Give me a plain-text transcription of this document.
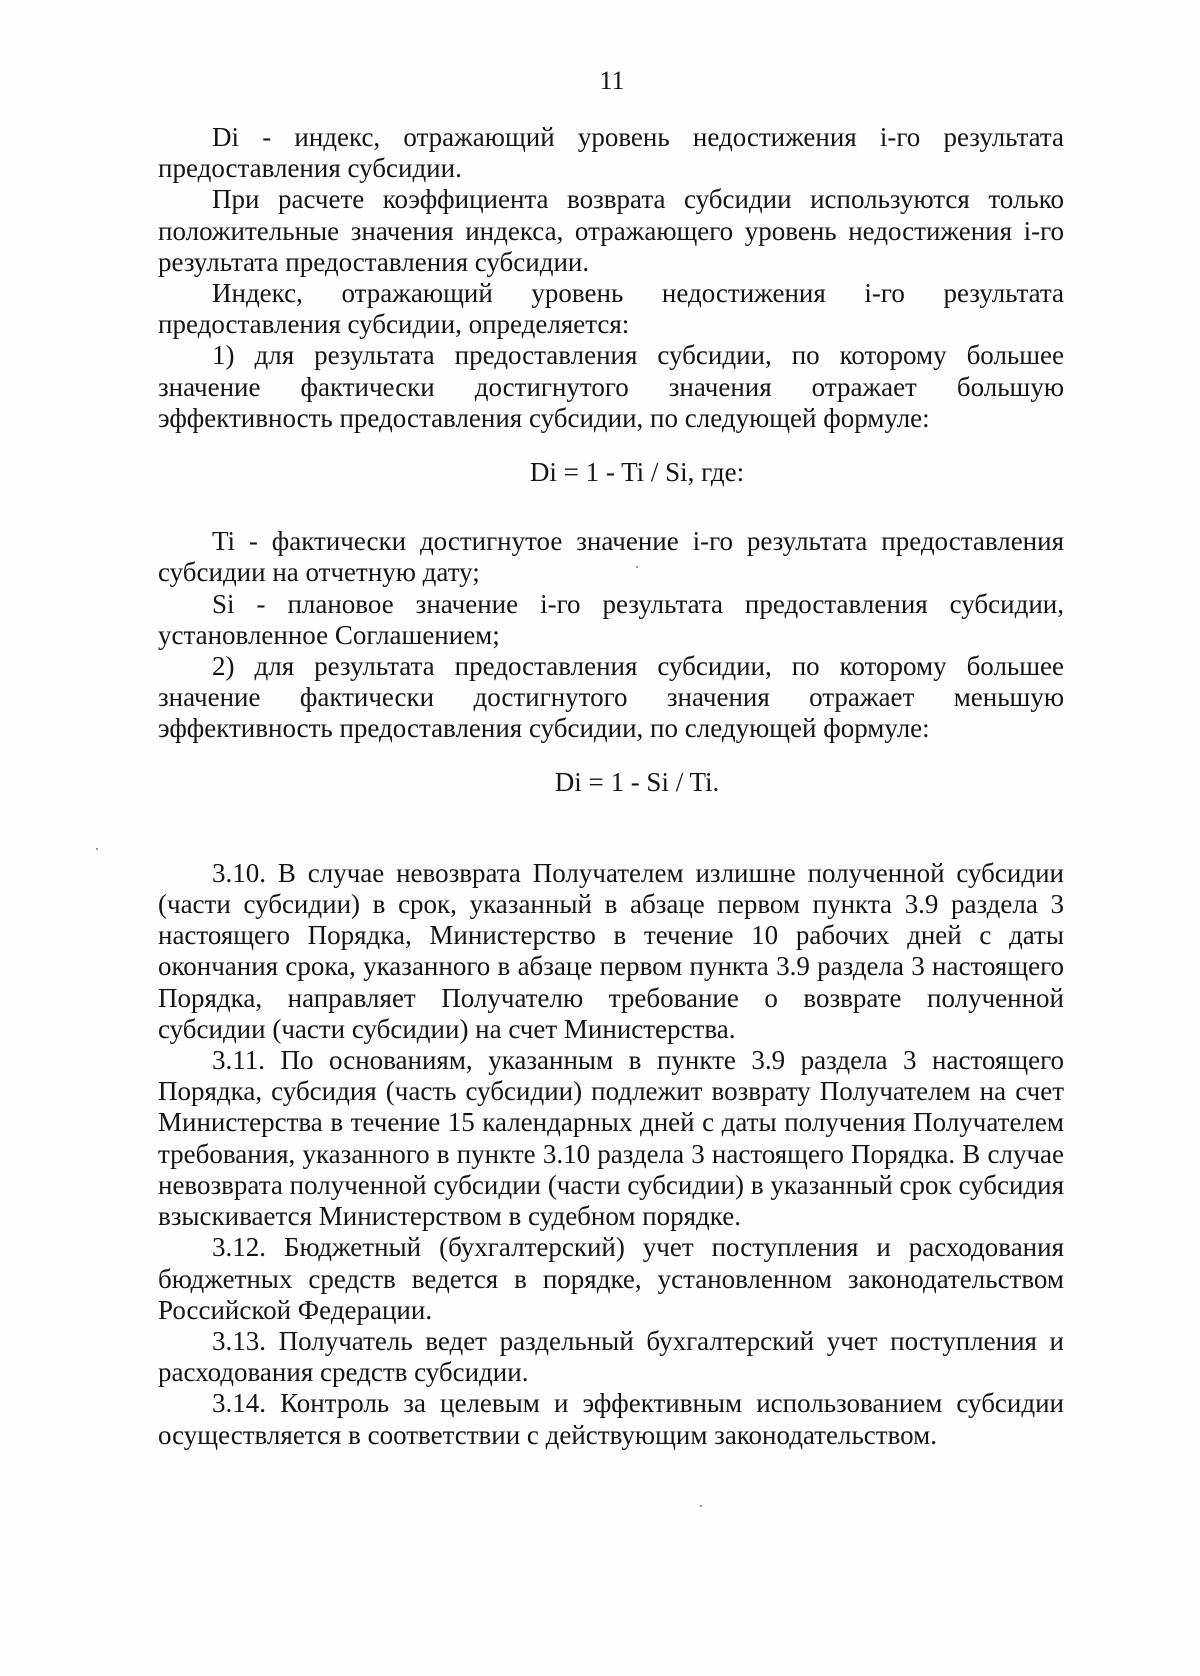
11

Di - индекс, отражающий уровень недостижения i-го результата предоставления субсидии.

При расчете коэффициента возврата субсидии используются только положительные значения индекса, отражающего уровень недостижения i-го результата предоставления субсидии.

Индекс, отражающий уровень недостижения i-го результата предоставления субсидии, определяется:

1) для результата предоставления субсидии, по которому большее значение фактически достигнутого значения отражает большую эффективность предоставления субсидии, по следующей формуле:

Di = 1 - Ti / Si, где:

Ti - фактически достигнутое значение i-го результата предоставления субсидии на отчетную дату;

Si - плановое значение i-го результата предоставления субсидии, установленное Соглашением;

2) для результата предоставления субсидии, по которому большее значение фактически достигнутого значения отражает меньшую эффективность предоставления субсидии, по следующей формуле:

Di = 1 - Si / Ti.

3.10. В случае невозврата Получателем излишне полученной субсидии (части субсидии) в срок, указанный в абзаце первом пункта 3.9 раздела 3 настоящего Порядка, Министерство в течение 10 рабочих дней с даты окончания срока, указанного в абзаце первом пункта 3.9 раздела 3 настоящего Порядка, направляет Получателю требование о возврате полученной субсидии (части субсидии) на счет Министерства.

3.11. По основаниям, указанным в пункте 3.9 раздела 3 настоящего Порядка, субсидия (часть субсидии) подлежит возврату Получателем на счет Министерства в течение 15 календарных дней с даты получения Получателем требования, указанного в пункте 3.10 раздела 3 настоящего Порядка. В случае невозврата полученной субсидии (части субсидии) в указанный срок субсидия взыскивается Министерством в судебном порядке.

3.12. Бюджетный (бухгалтерский) учет поступления и расходования бюджетных средств ведется в порядке, установленном законодательством Российской Федерации.

3.13. Получатель ведет раздельный бухгалтерский учет поступления и расходования средств субсидии.

3.14. Контроль за целевым и эффективным использованием субсидии осуществляется в соответствии с действующим законодательством.
